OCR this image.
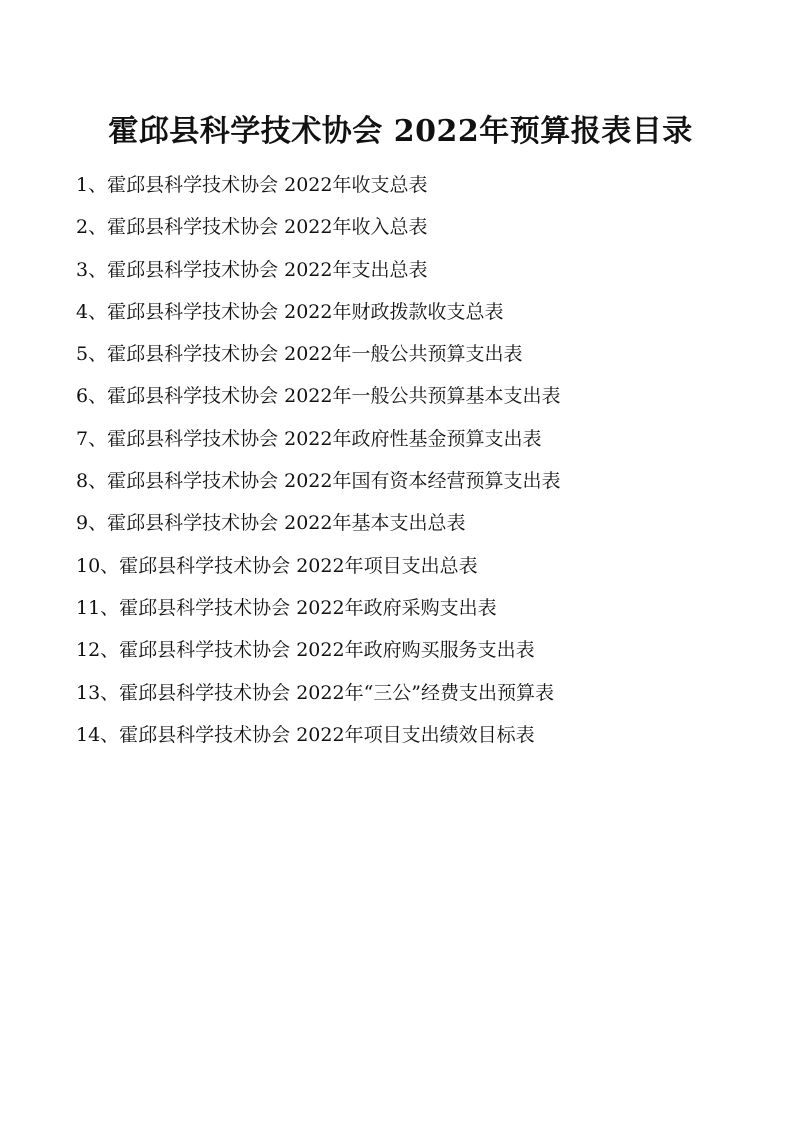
霍邱县科学技术协会 2022年预算报表目录
1、霍邱县科学技术协会 2022年收支总表
2、霍邱县科学技术协会 2022年收入总表
3、霍邱县科学技术协会 2022年支出总表
4、霍邱县科学技术协会 2022年财政拨款收支总表
5、霍邱县科学技术协会 2022年一般公共预算支出表
6、霍邱县科学技术协会 2022年一般公共预算基本支出表
7、霍邱县科学技术协会 2022年政府性基金预算支出表
8、霍邱县科学技术协会 2022年国有资本经营预算支出表
9、霍邱县科学技术协会 2022年基本支出总表
10、霍邱县科学技术协会 2022年项目支出总表
11、霍邱县科学技术协会 2022年政府采购支出表
12、霍邱县科学技术协会 2022年政府购买服务支出表
13、霍邱县科学技术协会 2022年“三公”经费支出预算表
14、霍邱县科学技术协会 2022年项目支出绩效目标表
